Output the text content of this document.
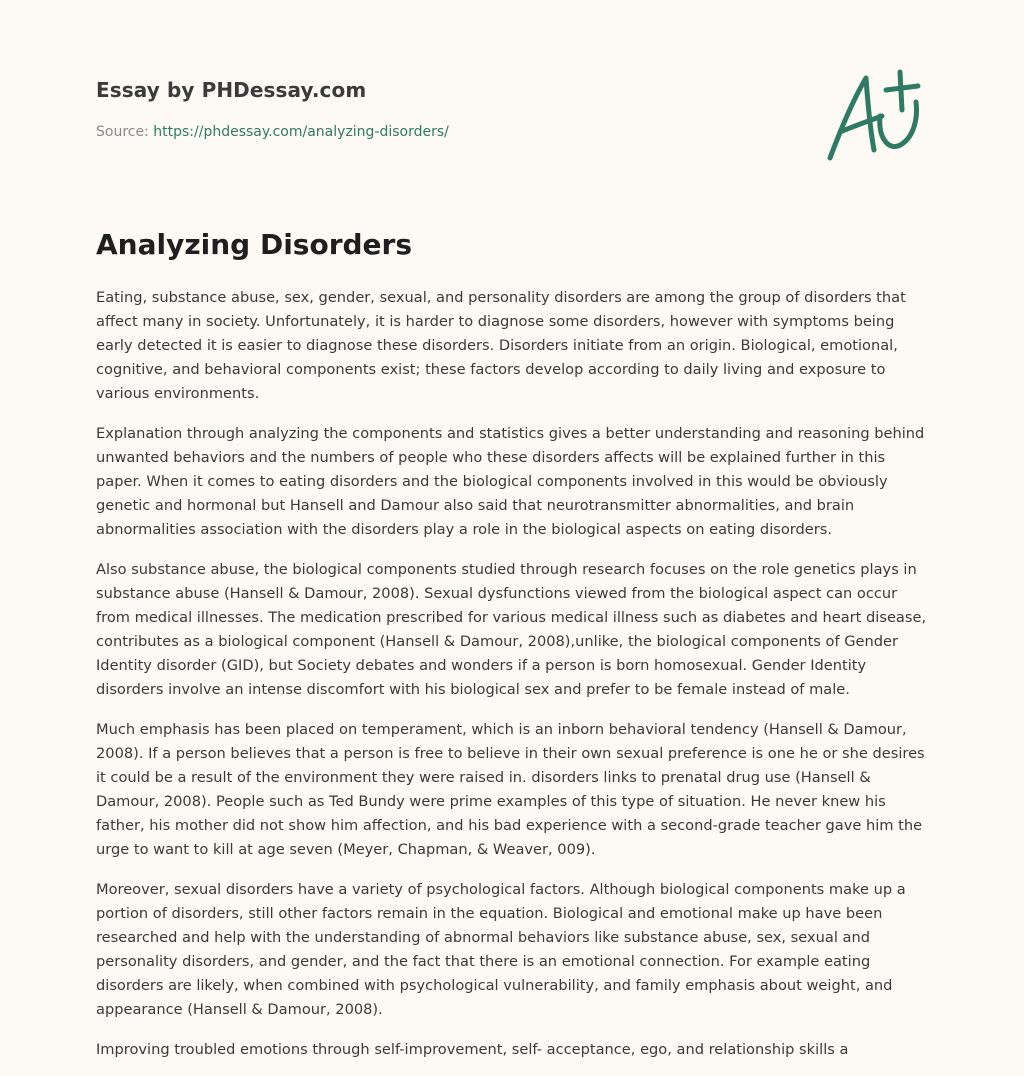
Essay by PHDessay.com
Source: https://phdessay.com/analyzing-disorders/
Analyzing Disorders

Eating, substance abuse, sex, gender, sexual, and personality disorders are among the group of disorders that affect many in society. Unfortunately, it is harder to diagnose some disorders, however with symptoms being early detected it is easier to diagnose these disorders. Disorders initiate from an origin. Biological, emotional, cognitive, and behavioral components exist; these factors develop according to daily living and exposure to various environments.

Explanation through analyzing the components and statistics gives a better understanding and reasoning behind unwanted behaviors and the numbers of people who these disorders affects will be explained further in this paper. When it comes to eating disorders and the biological components involved in this would be obviously genetic and hormonal but Hansell and Damour also said that neurotransmitter abnormalities, and brain abnormalities association with the disorders play a role in the biological aspects on eating disorders.

Also substance abuse, the biological components studied through research focuses on the role genetics plays in substance abuse (Hansell & Damour, 2008). Sexual dysfunctions viewed from the biological aspect can occur from medical illnesses. The medication prescribed for various medical illness such as diabetes and heart disease, contributes as a biological component (Hansell & Damour, 2008),unlike, the biological components of Gender Identity disorder (GID), but Society debates and wonders if a person is born homosexual. Gender Identity disorders involve an intense discomfort with his biological sex and prefer to be female instead of male.

Much emphasis has been placed on temperament, which is an inborn behavioral tendency (Hansell & Damour, 2008). If a person believes that a person is free to believe in their own sexual preference is one he or she desires it could be a result of the environment they were raised in. disorders links to prenatal drug use (Hansell & Damour, 2008). People such as Ted Bundy were prime examples of this type of situation. He never knew his father, his mother did not show him affection, and his bad experience with a second-grade teacher gave him the urge to want to kill at age seven (Meyer, Chapman, & Weaver, 009).

Moreover, sexual disorders have a variety of psychological factors. Although biological components make up a portion of disorders, still other factors remain in the equation. Biological and emotional make up have been researched and help with the understanding of abnormal behaviors like substance abuse, sex, sexual and personality disorders, and gender, and the fact that there is an emotional connection. For example eating disorders are likely, when combined with psychological vulnerability, and family emphasis about weight, and appearance (Hansell & Damour, 2008).

Improving troubled emotions through self-improvement, self- acceptance, ego, and relationship skills a
